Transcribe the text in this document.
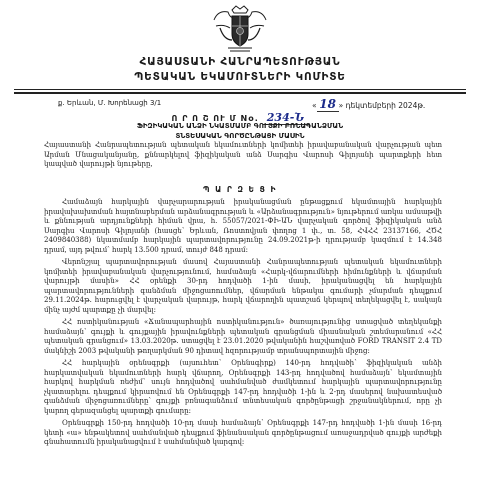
ՀԱՅԱՍՏԱՆԻ ՀԱՆՐԱՊԵՏՈՒԹՅԱՆ
ՊԵՏԱԿԱՆ ԵԿԱՄՈՒՏՆԵՐԻ ԿՈՄԻՏԵ
ք. Երևան, Մ. Խորենացի 3/1	« 18 » դեկտեմբերի 2024թ.
Ո Ր Ո Շ ՈՒ Մ No. 234-Ն
ՖԻԶԻԿԱԿԱՆ ԱՆՁԻ ՆԿԱՏՄԱՄԲ ԳՈՒՅՔԻ ԲՌՆԱԳԱՆՁՄԱՆ
ՏՆՏԵՍԱԿԱՆ ԳՈՐԾԸՆԹԱՑԻ ՄԱՍԻՆ
Հայաստանի Հանրապետության պետական եկամուտների կոմիտեի իրավաբանական վարչության պետ Արման Մնացականյանը, քննարկելով ֆիզիկական անձ Սարգիս Վարոսի Գիլոյանի պարտքերի հետ կապված վարույթի նյութերը,
Պ Ա Ր Զ Ե Ց Ի

Համաձայն հարկային վարչարարության իրականացման ընթացքում եկամտային հարկային իրավախախտման հայտնաբերման արձանագրության և «Արձանագրություն» նյութերում առկա ամսաթվի և քննության արդյունքների հիման վրա, հ. 55057/2021-ՓԻ-ԱՆ վարչական գործով ֆիզիկական անձ Սարգիս Վարոսի Գիլոյանի (հասցե՝ Երևան, Ռոստովյան փողոց 1 փ., տ. 58, ՀՎՀՀ 23137166, ՀԾՀ 2409840388) նկատմամբ հարկային պարտավորությունը 24.09.2021թ-ի դրությամբ կազմում է 14.348 դրամ, այդ թվում՝ հարկ 13.500 դրամ, տույժ 848 դրամ:

Վերոնշյալ պարտավորության մասով Հայաստանի Հանրապետության պետական եկամուտների կոմիտեի իրավաբանական վարչությունում, համաձայն «Հարկ-վճարումների հիմունքների և վճարման վարույթի մասին» ՀՀ օրենքի 30-րդ հոդվածի 1-ին մասի, իրականացվել են հարկային պարտավորությունների գանձման միջոցառումներ, վճարման ենթակա գումարի չմարման դեպքում 29.11.2024թ. հարուցվել է վարչական վարույթ, հարկ վճարողին պատշաճ կերպով տեղեկացվել է, սակայն մինչ այժմ պարտքը չի մարվել:

ՀՀ ոստիկանության «Ճանապարհային ոստիկանություն» ծառայությունից ստացված տեղեկանքի համաձայն՝ գույքի և գույքային իրավունքների պետական գրանցման միասնական շտեմարանում «ՀՀ պետական գրանցում» 13.03.2020թ. ստացվել է 23.01.2020 թվականին հաշվառված FORD TRANSIT 2.4 TD մակնիշի 2003 թվականի թողարկման 90 դիտավ հզորությամբ տրանսպորտային միջոց:

ՀՀ հարկային օրենսգրքի (այսուհետ՝ Օրենսգիրք) 140-րդ հոդվածի՝ ֆիզիկական անձի հարկատվական եկամուտների հարկ վճարող, Օրենսգրքի 143-րդ հոդվածով համաձայն՝ եկամտային հարկով հարկման ռեժիմ՝ սույն հոդվածով սահմանված ժամկետում հարկային պարտավորությունը չկատարելու դեպքում կիրառվում են Օրենսգրքի 147-րդ հոդվածի 1-ին և 2-րդ մասերով նախատեսված գանձման միջոցառումները՝ գույքի բռնագանձում տնտեսական գործընթացի շրջանակներում, որը չի կարող գերազանցել պարտքի գումարը:

Օրենսգրքի 150-րդ հոդվածի 10-րդ մասի համաձայն՝ Օրենսգրքի 147-րդ հոդվածի 1-ին մասի 16-րդ կետի «ա» ենթակետով սահմանված դեպքում ֆինանսական գործընթացում առաջադրված գույքի արժեքի գնահատումն իրականացվում է սահմանված կարգով:
